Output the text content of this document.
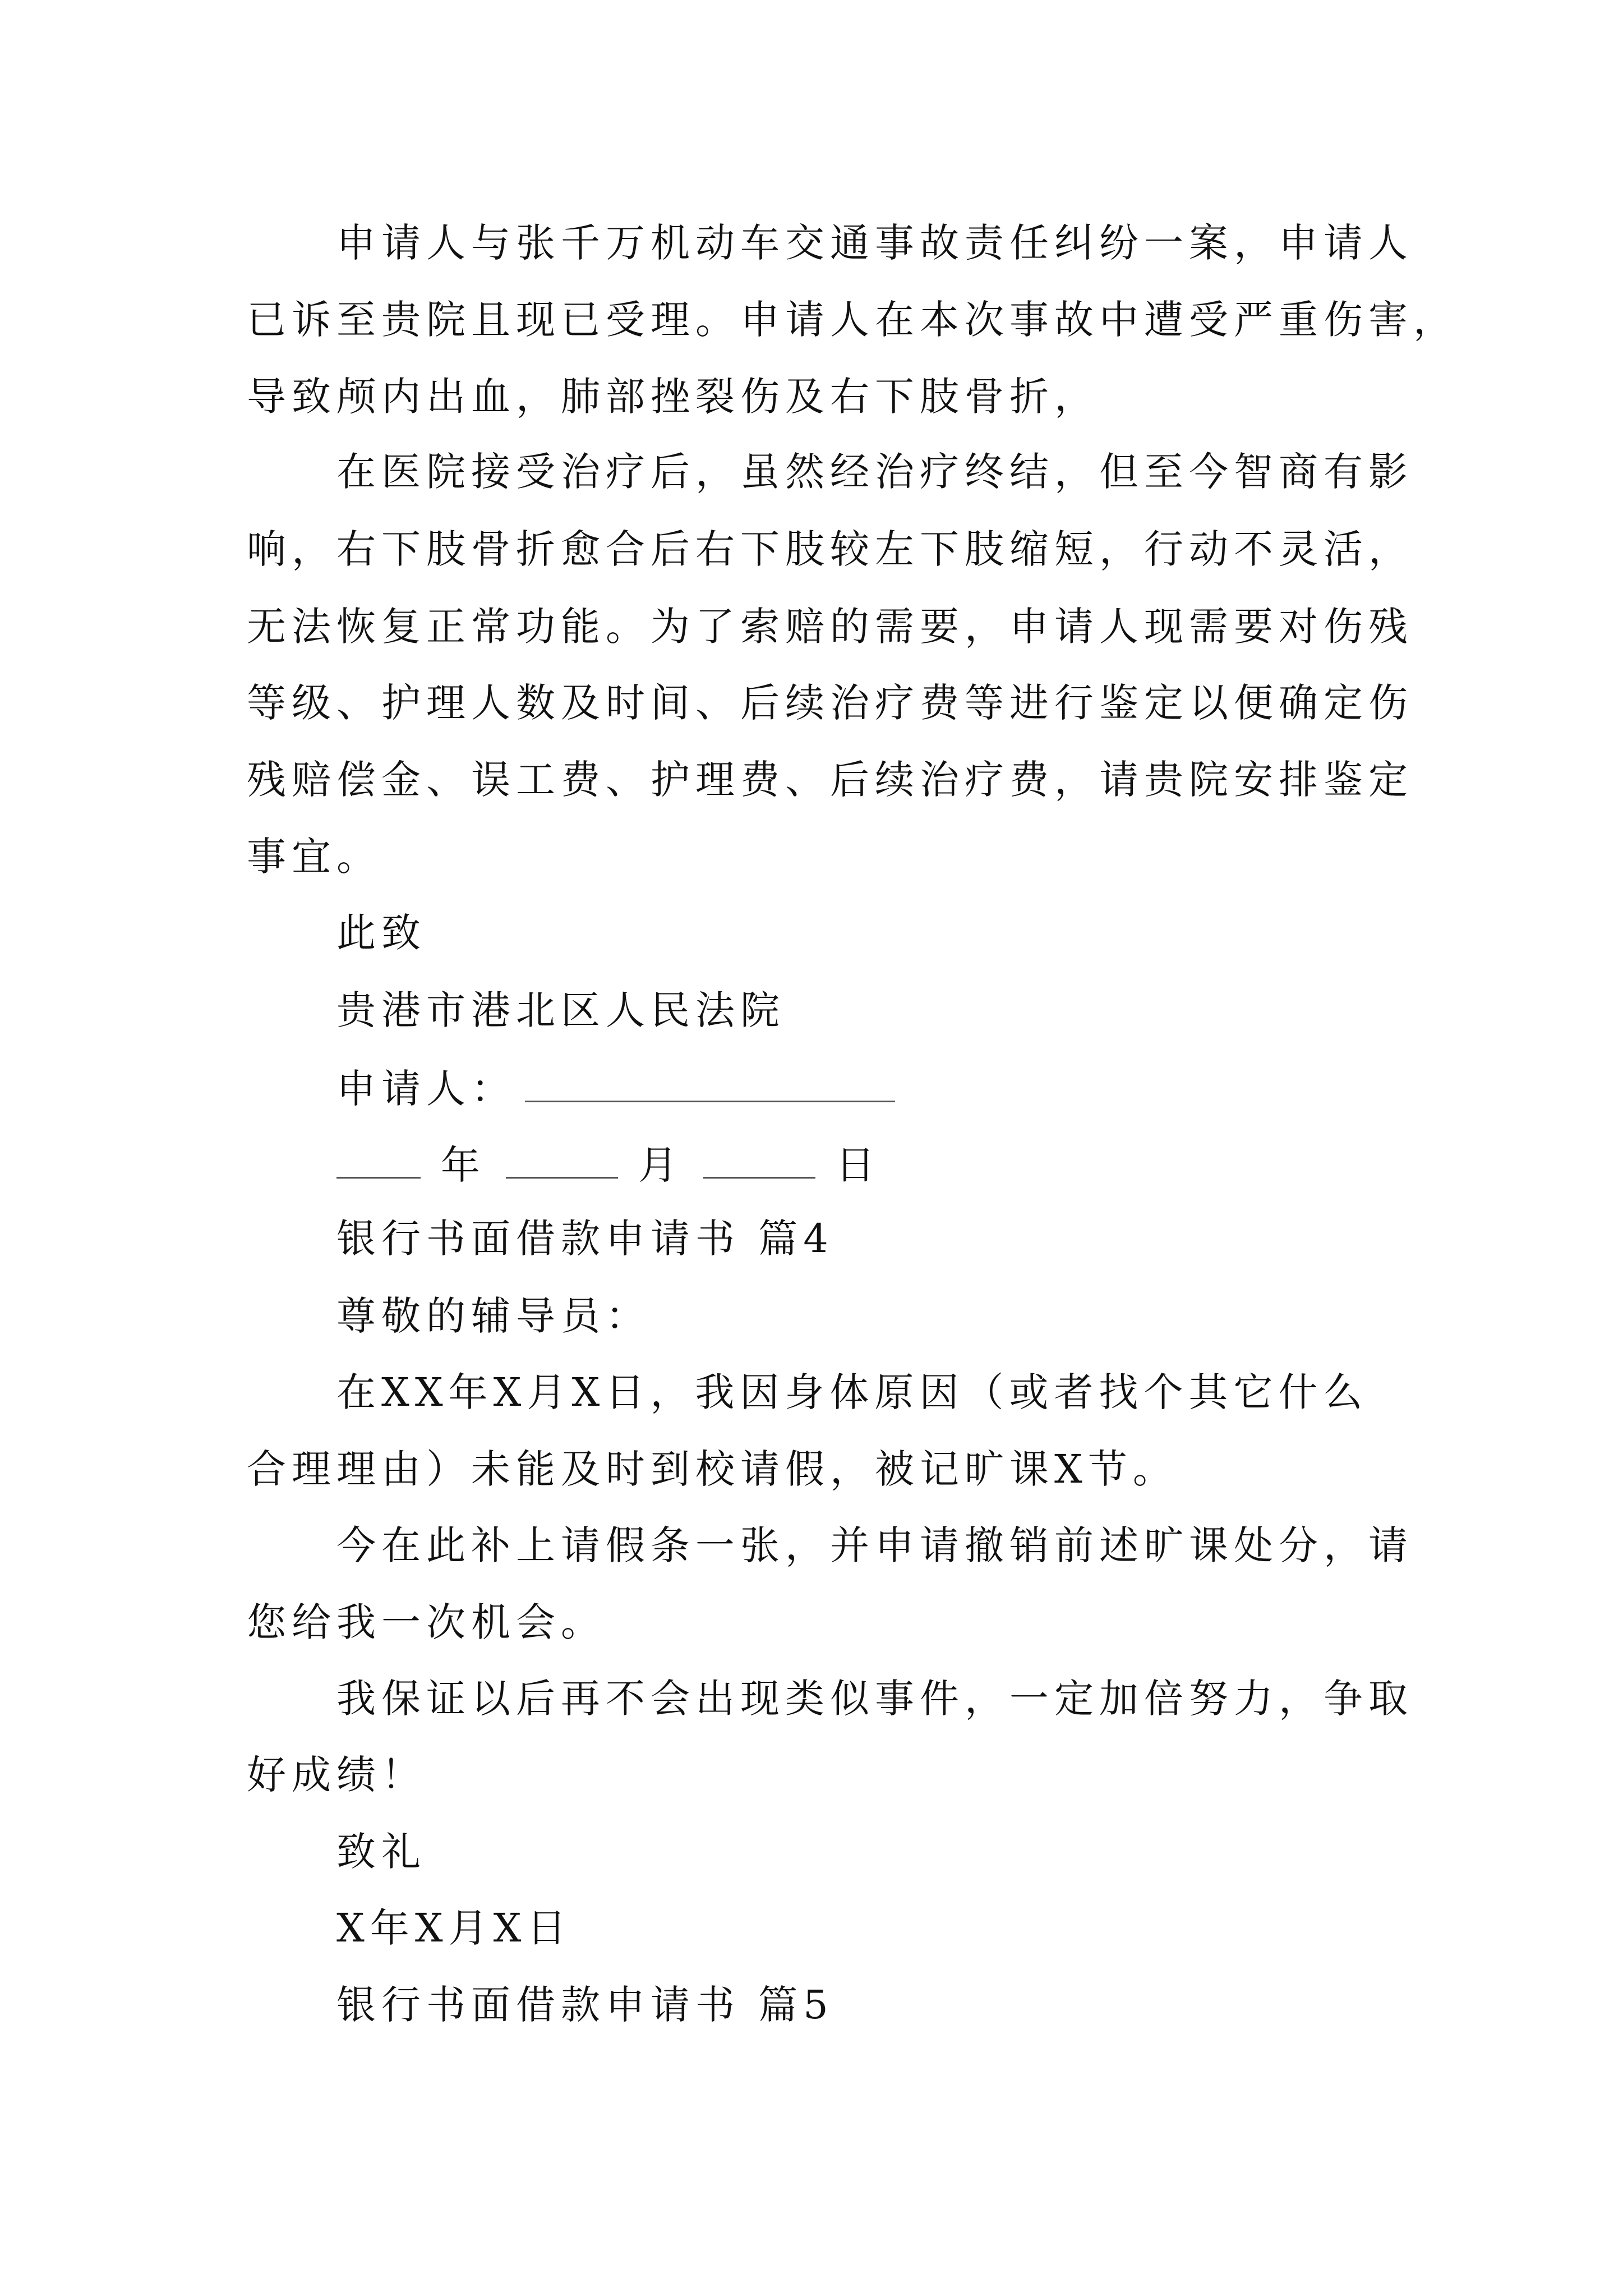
申请人与张千万机动车交通事故责任纠纷一案，申请人
已诉至贵院且现已受理。申请人在本次事故中遭受严重伤害，
导致颅内出血，肺部挫裂伤及右下肢骨折，
在医院接受治疗后，虽然经治疗终结，但至今智商有影
响，右下肢骨折愈合后右下肢较左下肢缩短，行动不灵活，
无法恢复正常功能。为了索赔的需要，申请人现需要对伤残
等级、护理人数及时间、后续治疗费等进行鉴定以便确定伤
残赔偿金、误工费、护理费、后续治疗费，请贵院安排鉴定
事宜。
此致
贵港市港北区人民法院
申请人：
年	月	日
银行书面借款申请书 篇4
尊敬的辅导员：
在XX年X月X日，我因身体原因（或者找个其它什么
合理理由）未能及时到校请假，被记旷课X节。
今在此补上请假条一张，并申请撤销前述旷课处分，请
您给我一次机会。
我保证以后再不会出现类似事件，一定加倍努力，争取
好成绩！
致礼
X年X月X日
银行书面借款申请书 篇5
